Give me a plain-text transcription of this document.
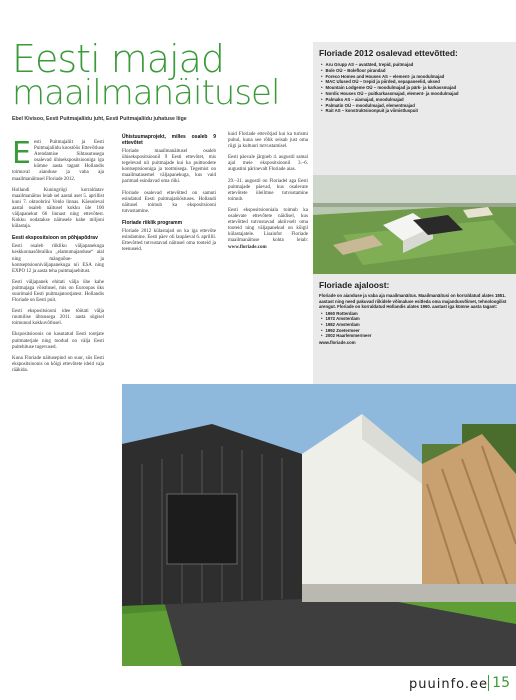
Eesti majad
maailmanäitusel
Ebel Kivisoo, Eesti Puitmajaliidu juht, Eesti Puitmajaliidu juhatuse liige

Eesti Puitmajaliit ja Eesti Puitmajaliidu koostöös Ettevõtluse Arendamise Sihtasutusega osalevad ühisekspositsiooniga iga kümne aasta tagant Hollandis toimuval aianduse ja vaba aja maailmanäitusel Floriade 2012.

Hollandi Kuningriigi korraldatav maailmanäitus leiab sel aastal aset 5. aprillist kuni 7. oktoobrini Venlo linnas. Käesoleval aastal osaleb näitusel kokku üle 100 väljapanekut 66 linnast ning ettevõtest. Kokku oodatakse näitusele kahe miljoni külastaja.

Eesti ekspositsioon on põhjapõdrav

Eesti osaleb riikliku väljapanekuga keskkonnasõbraliku „elamumajanduse“ alal ning mänguõue- ja kontseptsiooniväljapanekuga nii ESA ning EXPO 12 ja aasta teha puitmajaehitust.

Eesti väljapanek ehitati välja ühe kahe puitmajaga võistlusel, mis on Euroopas üks suurimaid Eesti puitmajatootjatest. Hollandis Floriade on Eesti puit.

Eesti ekspositsiooni idee töötati välja ruumilise ühtsusega 2011. aasta sügisel toimunud kokkuvõtlusel.

Ekspositsioonis on kasutatud Eesti tootjate puitmaterjale ning toodud on välja Eesti puitehituse tugevused.

Kuna Floriade näitusepind on suur, siis Eesti ekspositsioonis on kõigi ettevõtete ideid vaja rääkida.

Ühistuumaprojekt, milles osaleb 9 ettevõtet

Floriade maailmanäitusel osaleb ühisekspositsioonil 9 Eesti ettevõtet, mis tegelevad nii puitmajade kui ka puittoodete kontseptsiooniga ja tootmisega. Tegemist on maailmatasemel väljapanekuga, kus vaid parimad esindavad oma riiki.

Floriade osalevad ettevõtted on samuti esindatud Eesti puitmajatööstuses. Hollandi näitusel toimub ka ekspositsiooni tutvustamine.

Floriade riiklik programm

Floriade 2012 külastajad on ka iga ettevõte esindamine. Eesti päev oli laupäeval 6. aprillil. Ettevõtted tutvustavad näitusel oma tooteid ja teenuseid.

kuid Floriade ettevõtjad kui ka turismi puhul, kuna see rõhk seisab just oma riigi ja kultuuri tutvustamisel.

Eesti päevale järgneb 4. augustil samal ajal meie ekspositsioonil 3.–6. augustini pärinevalt Floriade aias.

29.–31. augustil on Floriadel aga Eesti puitmajade päevad, kus osalevate ettevõtete üleilmne tutvustamine toimub.

Eesti ekspositsiooniala toimub ka osalevate ettevõtete näidisel, kus ettevõtted tutvustavad aktiivselt oma tooteid ning väljapanekud on kõigil külastajatele. Lisainfot Floriade maailmanäituse kohta leiab: www.floriade.com

Floriade 2012 osalevad ettevõtted:
• Aru Grupp AS – avatäted, trepid, puitmajad
• Bole OÜ – Bolefloor pirandad
• Foreco Homes and Houses AS – element- ja moodulmajad
• MAC Ulused OÜ – trepid ja piirded, sepapaneelid, uksed
• Mountain Lodgeme OÜ – moodulmajad ja pärk- ja karkassmajad
• Nordic Houses OÜ – puitkarkassmajad, element- ja moodulmajad
• Palmako AS – aiamajad, moodulmajad
• Palmatin OÜ – moodulmajad, elementmajad
• Rait AS – konstruktsioonpuit ja viimistluspuit
Floriade ajaloost:
Floriade on aianduse ja vaba aja maailmanäitus. Maailmanäitusi on korraldatud alates 1851. aastast ning need pakuvad riikidele võimaluse esitleda oma majandusvõimet, tehnoloogilist arengut. Floriade on korraldatud Hollandis alates 1960. aastast iga kümne aasta tagant:
• 1960 Rotterdam
• 1972 Amsterdam
• 1982 Amsterdam
• 1992 Zoetermeer
• 2002 Haarlemmermeer
www.floriade.com
puuinfo.ee 15
